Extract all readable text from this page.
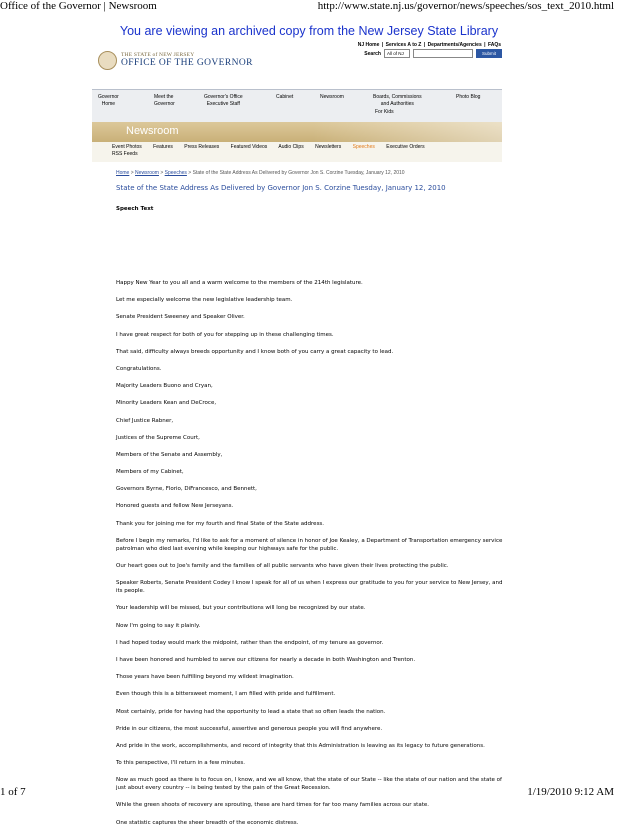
Office of the Governor | Newsroom	http://www.state.nj.us/governor/news/speeches/sos_text_2010.html
You are viewing an archived copy from the New Jersey State Library
NJ Home | Services A to Z | Departments/Agencies | FAQs
Search	All of NJ	Submit
THE STATE of NEW JERSEY
OFFICE OF THE GOVERNOR
Governor
Home
Meet the
Governor
Governor's Office
Executive Staff
Cabinet	Newsroom	Boards, Commissions
and Authorities
Photo Blog
For Kids
Newsroom
Event Photos Features Press Releases Featured Videos Audio Clips Newsletters Speeches Executive Orders
RSS Feeds
Home > Newsroom > Speeches > State of the State Address As Delivered by Governor Jon S. Corzine Tuesday, January 12, 2010
State of the State Address As Delivered by Governor Jon S. Corzine Tuesday, January 12, 2010
Speech Text

Happy New Year to you all and a warm welcome to the members of the 214th legislature.

Let me especially welcome the new legislative leadership team.

Senate President Sweeney and Speaker Oliver.

I have great respect for both of you for stepping up in these challenging times.

That said, difficulty always breeds opportunity and I know both of you carry a great capacity to lead.

Congratulations.

Majority Leaders Buono and Cryan,

Minority Leaders Kean and DeCroce,

Chief Justice Rabner,

Justices of the Supreme Court,

Members of the Senate and Assembly,

Members of my Cabinet,

Governors Byrne, Florio, DiFrancesco, and Bennett,

Honored guests and fellow New Jerseyans.

Thank you for joining me for my fourth and final State of the State address.

Before I begin my remarks, I'd like to ask for a moment of silence in honor of Joe Kealey, a Department of Transportation emergency service patrolman who died last evening while keeping our highways safe for the public.

Our heart goes out to Joe's family and the families of all public servants who have given their lives protecting the public.

Speaker Roberts, Senate President Codey I know I speak for all of us when I express our gratitude to you for your service to New Jersey, and its people.

Your leadership will be missed, but your contributions will long be recognized by our state.

Now I'm going to say it plainly.

I had hoped today would mark the midpoint, rather than the endpoint, of my tenure as governor.

I have been honored and humbled to serve our citizens for nearly a decade in both Washington and Trenton.

Those years have been fulfilling beyond my wildest imagination.

Even though this is a bittersweet moment, I am filled with pride and fulfillment.

Most certainly, pride for having had the opportunity to lead a state that so often leads the nation.

Pride in our citizens, the most successful, assertive and generous people you will find anywhere.

And pride in the work, accomplishments, and record of integrity that this Administration is leaving as its legacy to future generations.

To this perspective, I'll return in a few minutes.

Now as much good as there is to focus on, I know, and we all know, that the state of our State -- like the state of our nation and the state of just about every country -- is being tested by the pain of the Great Recession.

While the green shoots of recovery are sprouting, these are hard times for far too many families across our state.

One statistic captures the sheer breadth of the economic distress.

1 of 7	1/19/2010 9:12 AM
